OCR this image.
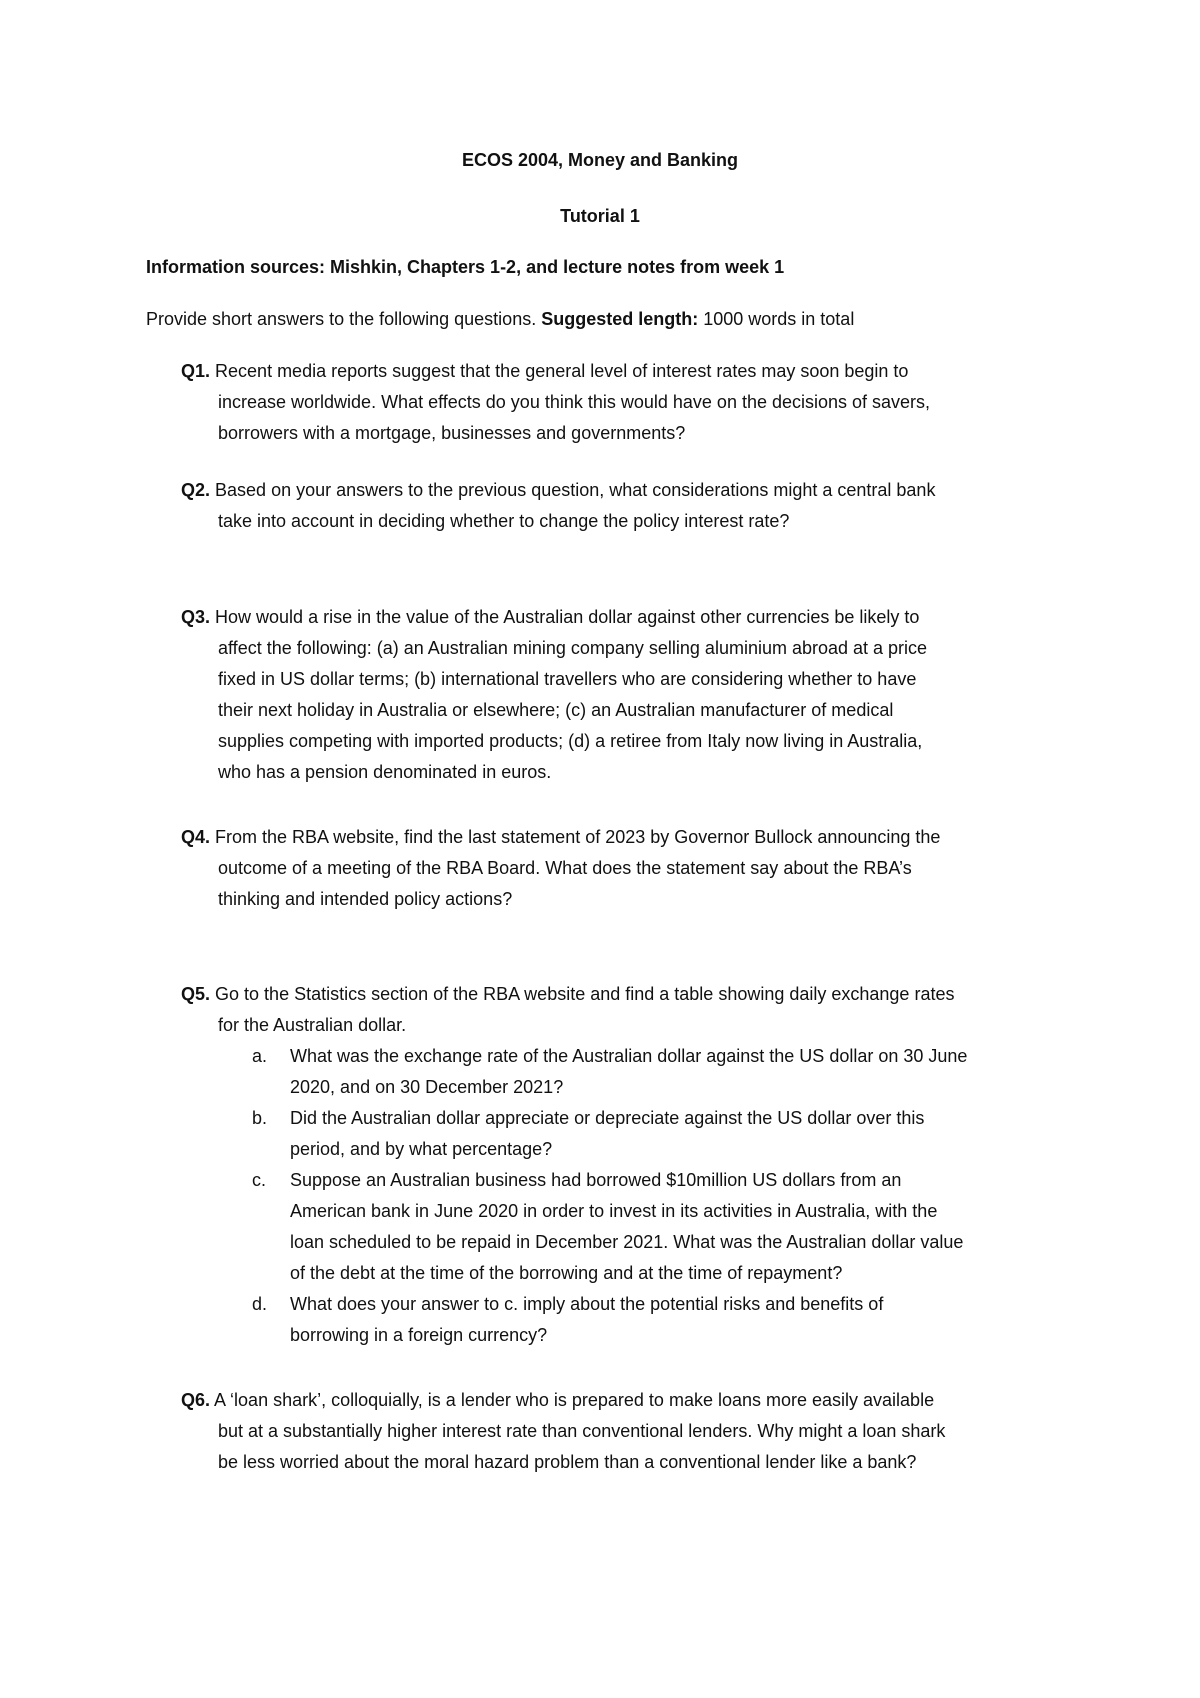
ECOS 2004, Money and Banking
Tutorial 1
Information sources: Mishkin, Chapters 1-2, and lecture notes from week 1
Provide short answers to the following questions. Suggested length: 1000 words in total
Q1. Recent media reports suggest that the general level of interest rates may soon begin to
increase worldwide. What effects do you think this would have on the decisions of savers,
borrowers with a mortgage, businesses and governments?
Q2. Based on your answers to the previous question, what considerations might a central bank
take into account in deciding whether to change the policy interest rate?
Q3. How would a rise in the value of the Australian dollar against other currencies be likely to
affect the following: (a) an Australian mining company selling aluminium abroad at a price
fixed in US dollar terms; (b) international travellers who are considering whether to have
their next holiday in Australia or elsewhere; (c) an Australian manufacturer of medical
supplies competing with imported products; (d) a retiree from Italy now living in Australia,
who has a pension denominated in euros.
Q4. From the RBA website, find the last statement of 2023 by Governor Bullock announcing the
outcome of a meeting of the RBA Board. What does the statement say about the RBA’s
thinking and intended policy actions?
Q5. Go to the Statistics section of the RBA website and find a table showing daily exchange rates
for the Australian dollar.
a. What was the exchange rate of the Australian dollar against the US dollar on 30 June
2020, and on 30 December 2021?
b. Did the Australian dollar appreciate or depreciate against the US dollar over this
period, and by what percentage?
c. Suppose an Australian business had borrowed $10million US dollars from an
American bank in June 2020 in order to invest in its activities in Australia, with the
loan scheduled to be repaid in December 2021. What was the Australian dollar value
of the debt at the time of the borrowing and at the time of repayment?
d. What does your answer to c. imply about the potential risks and benefits of
borrowing in a foreign currency?
Q6. A ‘loan shark’, colloquially, is a lender who is prepared to make loans more easily available
but at a substantially higher interest rate than conventional lenders. Why might a loan shark
be less worried about the moral hazard problem than a conventional lender like a bank?
